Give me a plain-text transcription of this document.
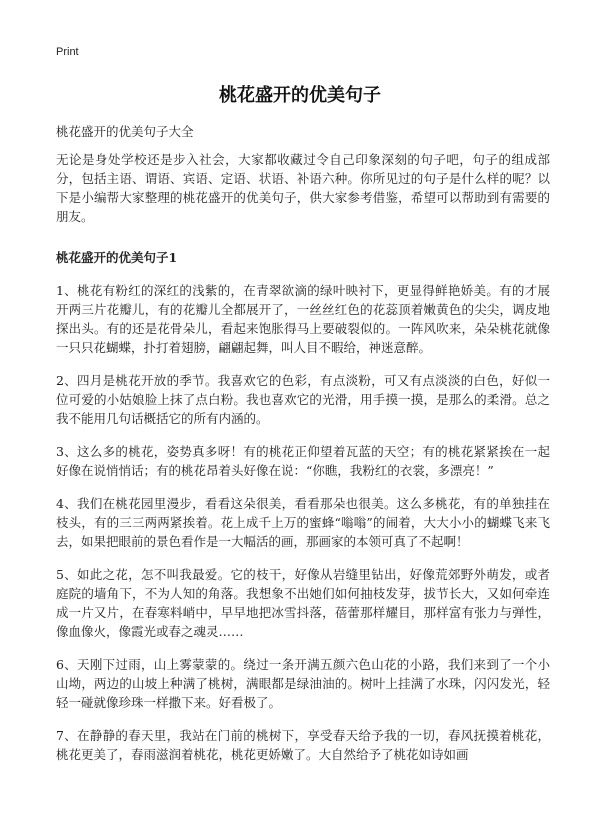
Print
桃花盛开的优美句子
桃花盛开的优美句子大全

无论是身处学校还是步入社会，大家都收藏过令自己印象深刻的句子吧，句子的组成部分，包括主语、谓语、宾语、定语、状语、补语六种。你所见过的句子是什么样的呢？以下是小编帮大家整理的桃花盛开的优美句子，供大家参考借鉴，希望可以帮助到有需要的朋友。

桃花盛开的优美句子1

1、桃花有粉红的深红的浅紫的，在青翠欲滴的绿叶映衬下，更显得鲜艳娇美。有的才展开两三片花瓣儿，有的花瓣儿全都展开了，一丝丝红色的花蕊顶着嫩黄色的尖尖，调皮地探出头。有的还是花骨朵儿，看起来饱胀得马上要破裂似的。一阵风吹来，朵朵桃花就像一只只花蝴蝶，扑打着翅膀，翩翩起舞，叫人目不暇给，神迷意醉。

2、四月是桃花开放的季节。我喜欢它的色彩，有点淡粉，可又有点淡淡的白色，好似一位可爱的小姑娘脸上抹了点白粉。我也喜欢它的光滑，用手摸一摸，是那么的柔滑。总之我不能用几句话概括它的所有内涵的。

3、这么多的桃花，姿势真多呀！有的桃花正仰望着瓦蓝的天空；有的桃花紧紧挨在一起好像在说悄悄话；有的桃花昂着头好像在说：“你瞧，我粉红的衣裳，多漂亮！”

4、我们在桃花园里漫步，看看这朵很美，看看那朵也很美。这么多桃花，有的单独挂在枝头，有的三三两两紧挨着。花上成千上万的蜜蜂“嗡嗡”的闹着，大大小小的蝴蝶飞来飞去，如果把眼前的景色看作是一大幅活的画，那画家的本领可真了不起啊！

5、如此之花，怎不叫我最爱。它的枝干，好像从岩缝里钻出，好像荒郊野外萌发，或者庭院的墙角下，不为人知的角落。我想象不出她们如何抽枝发芽，拔节长大，又如何牵连成一片又片，在春寒料峭中，早早地把冰雪抖落，蓓蕾那样耀目，那样富有张力与弹性，像血像火，像霞光或春之魂灵……

6、天刚下过雨，山上雾蒙蒙的。绕过一条开满五颜六色山花的小路，我们来到了一个小山坳，两边的山坡上种满了桃树，满眼都是绿油油的。树叶上挂满了水珠，闪闪发光，轻轻一碰就像珍珠一样撒下来。好看极了。

7、在静静的春天里，我站在门前的桃树下，享受春天给予我的一切，春风抚摸着桃花，桃花更美了，春雨滋润着桃花，桃花更娇嫩了。大自然给予了桃花如诗如画
